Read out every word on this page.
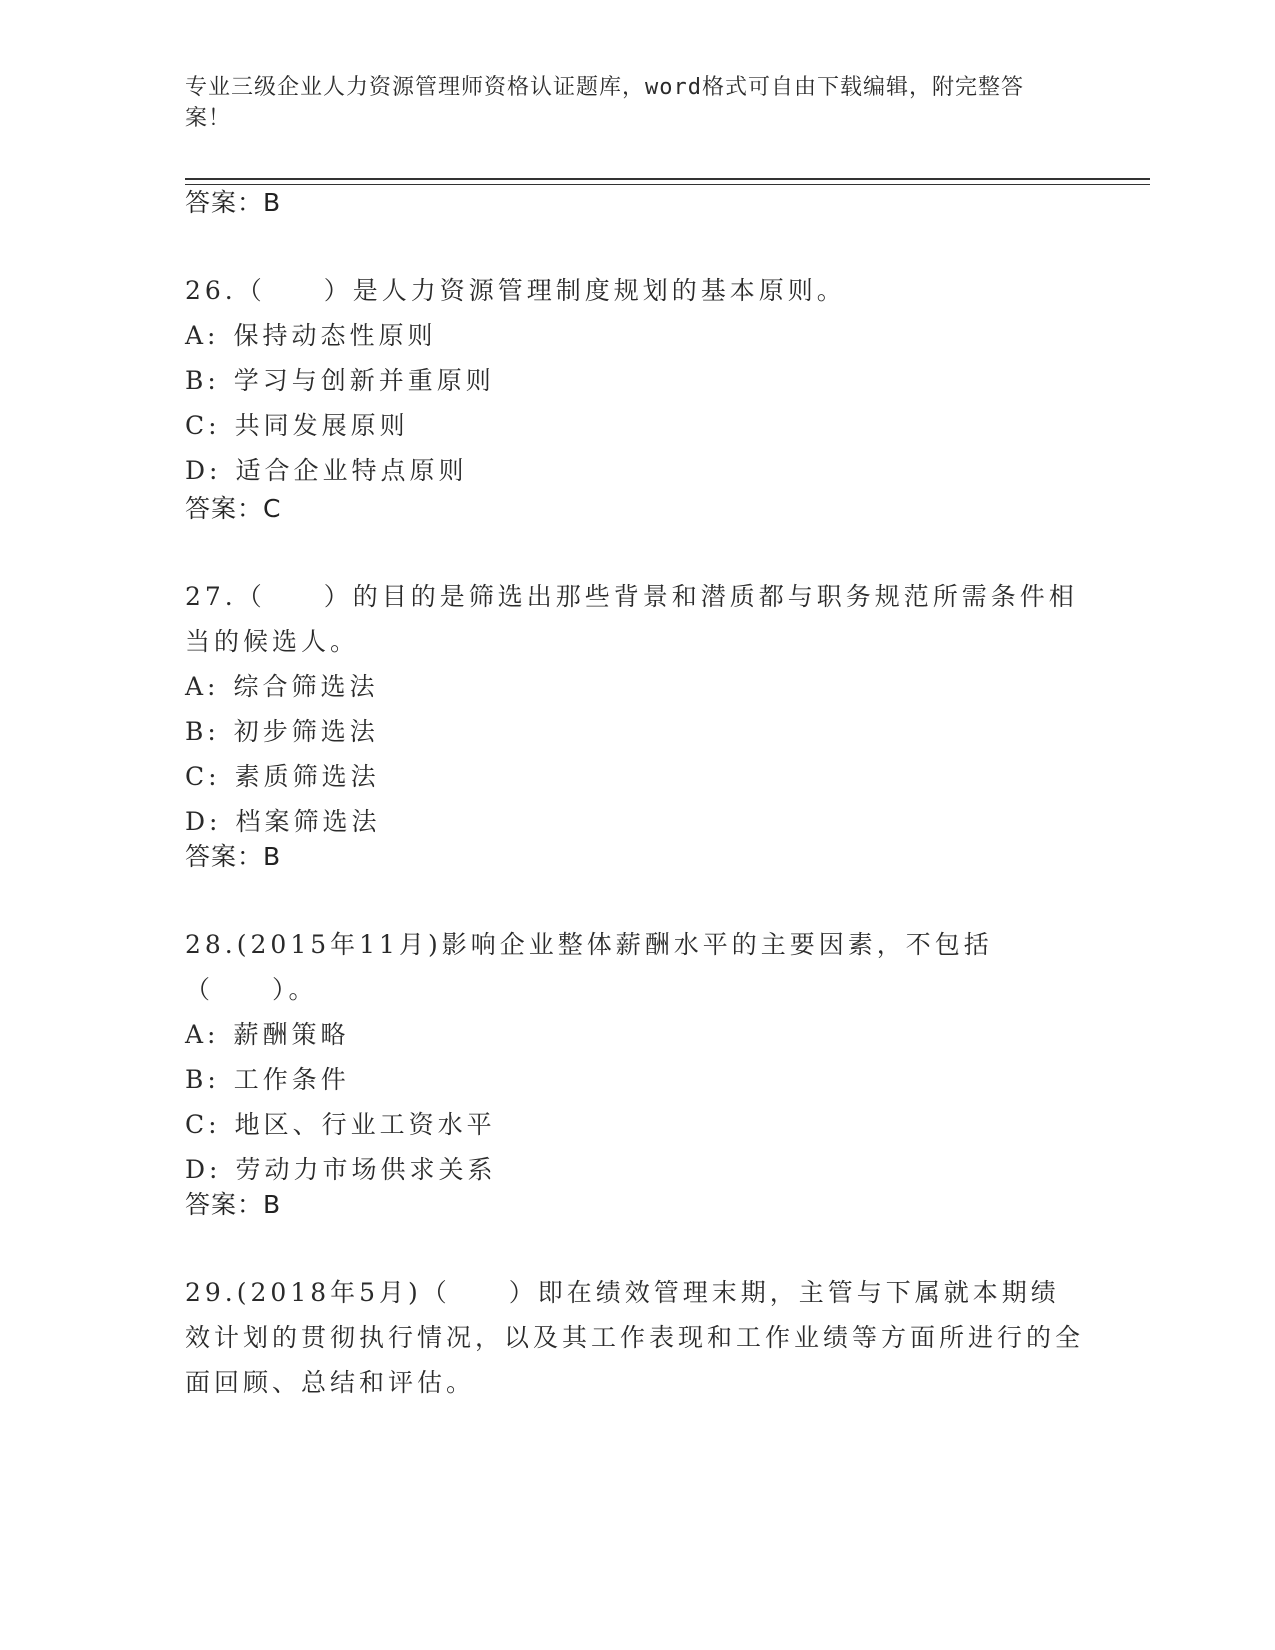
专业三级企业人力资源管理师资格认证题库，word格式可自由下载编辑，附完整答案！
答案：B

26.（　　）是人力资源管理制度规划的基本原则。

A: 保持动态性原则

B: 学习与创新并重原则

C: 共同发展原则

D: 适合企业特点原则

答案：C

27.（　　）的目的是筛选出那些背景和潜质都与职务规范所需条件相当的候选人。

A: 综合筛选法

B: 初步筛选法

C: 素质筛选法

D: 档案筛选法

答案：B

28.(2015年11月)影响企业整体薪酬水平的主要因素，不包括（　　）。

A: 薪酬策略

B: 工作条件

C: 地区、行业工资水平

D: 劳动力市场供求关系

答案：B

29.(2018年5月)（　　）即在绩效管理末期，主管与下属就本期绩效计划的贯彻执行情况，以及其工作表现和工作业绩等方面所进行的全面回顾、总结和评估。
